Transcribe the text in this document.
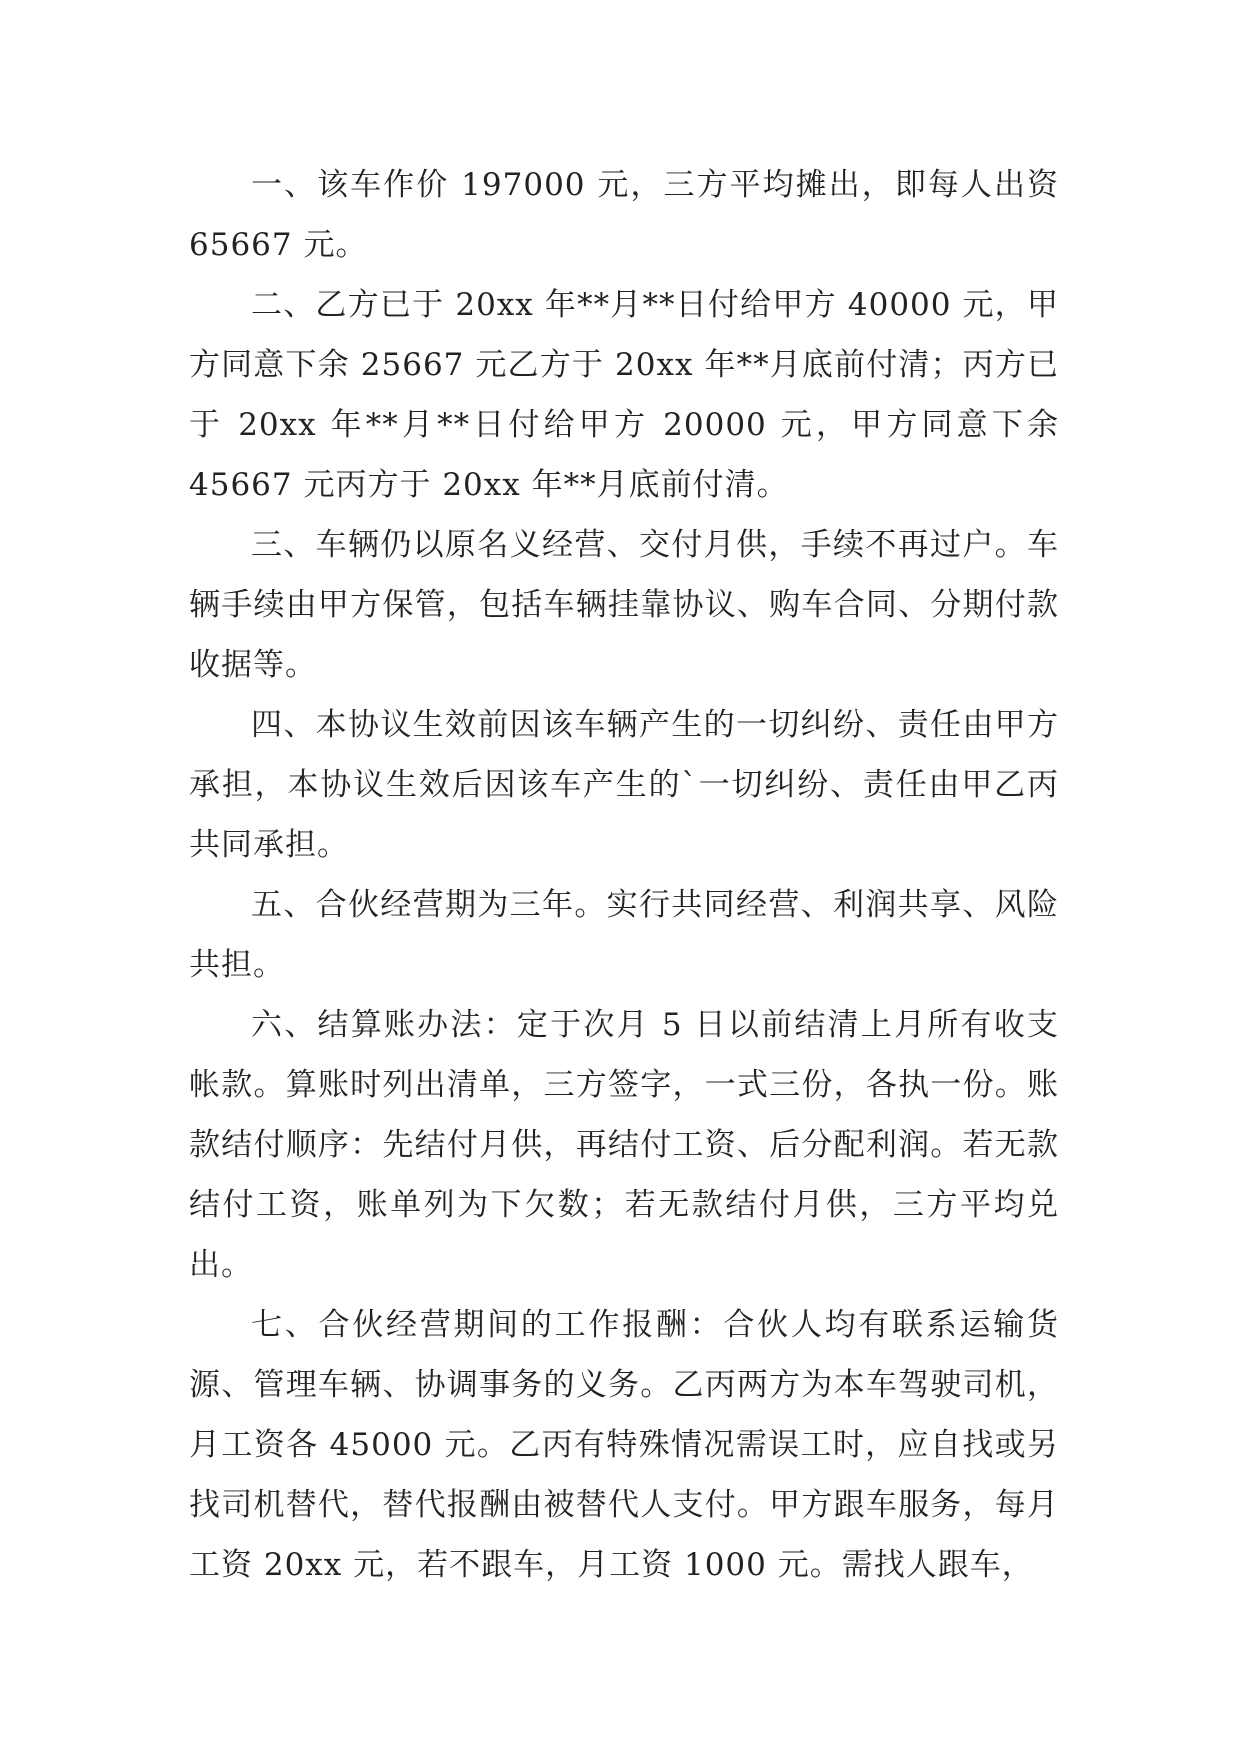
一、该车作价 197000 元，三方平均摊出，即每人出资 65667 元。

二、乙方已于 20xx 年**月**日付给甲方 40000 元，甲方同意下余 25667 元乙方于 20xx 年**月底前付清；丙方已于 20xx 年**月**日付给甲方 20000 元，甲方同意下余 45667 元丙方于 20xx 年**月底前付清。

三、车辆仍以原名义经营、交付月供，手续不再过户。车辆手续由甲方保管，包括车辆挂靠协议、购车合同、分期付款收据等。

四、本协议生效前因该车辆产生的一切纠纷、责任由甲方承担，本协议生效后因该车产生的`一切纠纷、责任由甲乙丙共同承担。

五、合伙经营期为三年。实行共同经营、利润共享、风险共担。

六、结算账办法：定于次月 5 日以前结清上月所有收支帐款。算账时列出清单，三方签字，一式三份，各执一份。账款结付顺序：先结付月供，再结付工资、后分配利润。若无款结付工资，账单列为下欠数；若无款结付月供，三方平均兑出。

七、合伙经营期间的工作报酬：合伙人均有联系运输货源、管理车辆、协调事务的义务。乙丙两方为本车驾驶司机，月工资各 45000 元。乙丙有特殊情况需误工时，应自找或另找司机替代，替代报酬由被替代人支付。甲方跟车服务，每月工资 20xx 元，若不跟车，月工资 1000 元。需找人跟车，
